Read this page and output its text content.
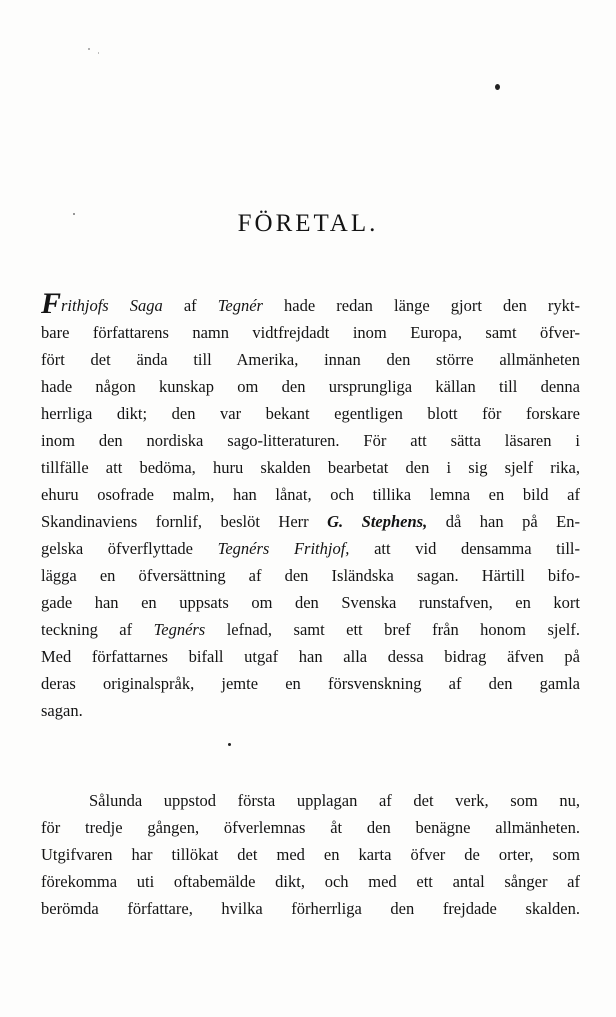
FÖRETAL.
Frithjofs Saga af Tegnér hade redan länge gjort den rykt-
bare författarens namn vidtfrejdadt inom Europa, samt öfver-
fört det ända till Amerika, innan den större allmänheten
hade någon kunskap om den ursprungliga källan till denna
herrliga dikt; den var bekant egentligen blott för forskare
inom den nordiska sago-litteraturen. För att sätta läsaren i
tillfälle att bedöma, huru skalden bearbetat den i sig sjelf rika,
ehuru osofrade malm, han lånat, och tillika lemna en bild af
Skandinaviens fornlif, beslöt Herr G. Stephens, då han på En-
gelska öfverflyttade Tegnérs Frithjof, att vid densamma till-
lägga en öfversättning af den Isländska sagan. Härtill bifo-
gade han en uppsats om den Svenska runstafven, en kort
teckning af Tegnérs lefnad, samt ett bref från honom sjelf.
Med författarnes bifall utgaf han alla dessa bidrag äfven på
deras originalspråk, jemte en försvenskning af den gamla
sagan.
Sålunda uppstod första upplagan af det verk, som nu,
för tredje gången, öfverlemnas åt den benägne allmänheten.
Utgifvaren har tillökat det med en karta öfver de orter, som
förekomma uti oftabemälde dikt, och med ett antal sånger af
berömda författare, hvilka förherrliga den frejdade skalden.
